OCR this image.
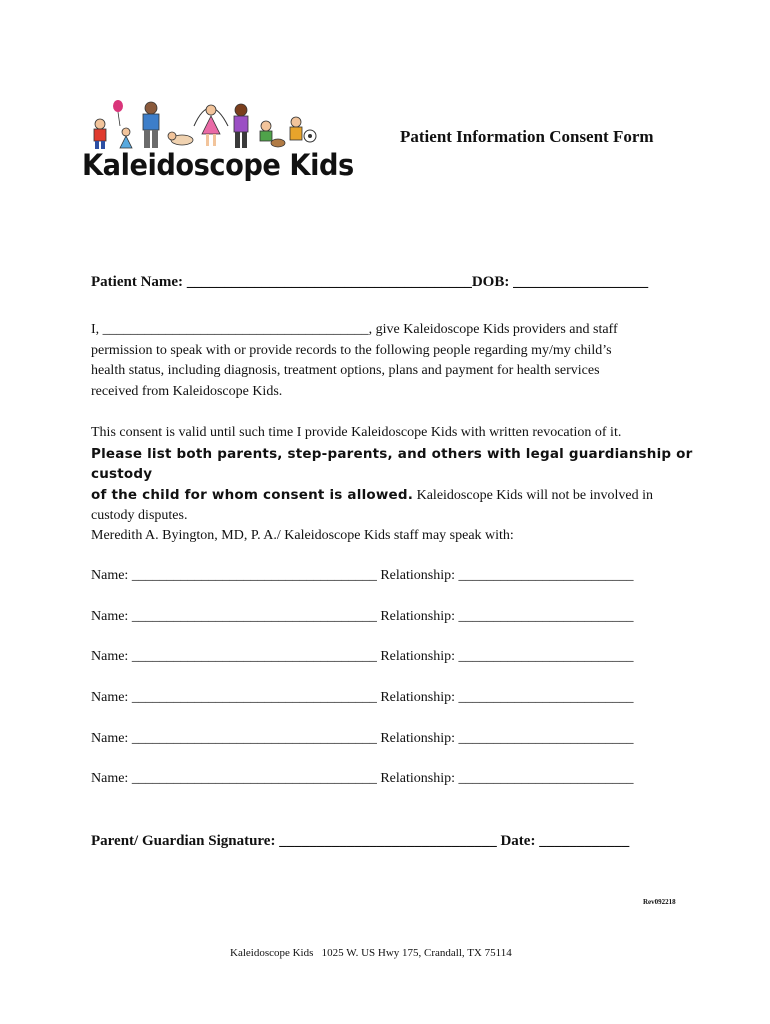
Kaleidoscope Kids
Patient Information Consent Form
Patient Name: ______________________________________DOB: __________________
I, ______________________________________, give Kaleidoscope Kids providers and staff
permission to speak with or provide records to the following people regarding my/my child’s
health status, including diagnosis, treatment options, plans and payment for health services
received from Kaleidoscope Kids.
This consent is valid until such time I provide Kaleidoscope Kids with written revocation of it.
Please list both parents, step-parents, and others with legal guardianship or custody
of the child for whom consent is allowed. Kaleidoscope Kids will not be involved in
custody disputes.
Meredith A. Byington, MD, P. A./ Kaleidoscope Kids staff may speak with:
Name: ___________________________________ Relationship: _________________________
Name: ___________________________________ Relationship: _________________________
Name: ___________________________________ Relationship: _________________________
Name: ___________________________________ Relationship: _________________________
Name: ___________________________________ Relationship: _________________________
Name: ___________________________________ Relationship: _________________________
Parent/ Guardian Signature: _____________________________ Date: ____________
Rev092218
Kaleidoscope Kids 1025 W. US Hwy 175, Crandall, TX 75114
